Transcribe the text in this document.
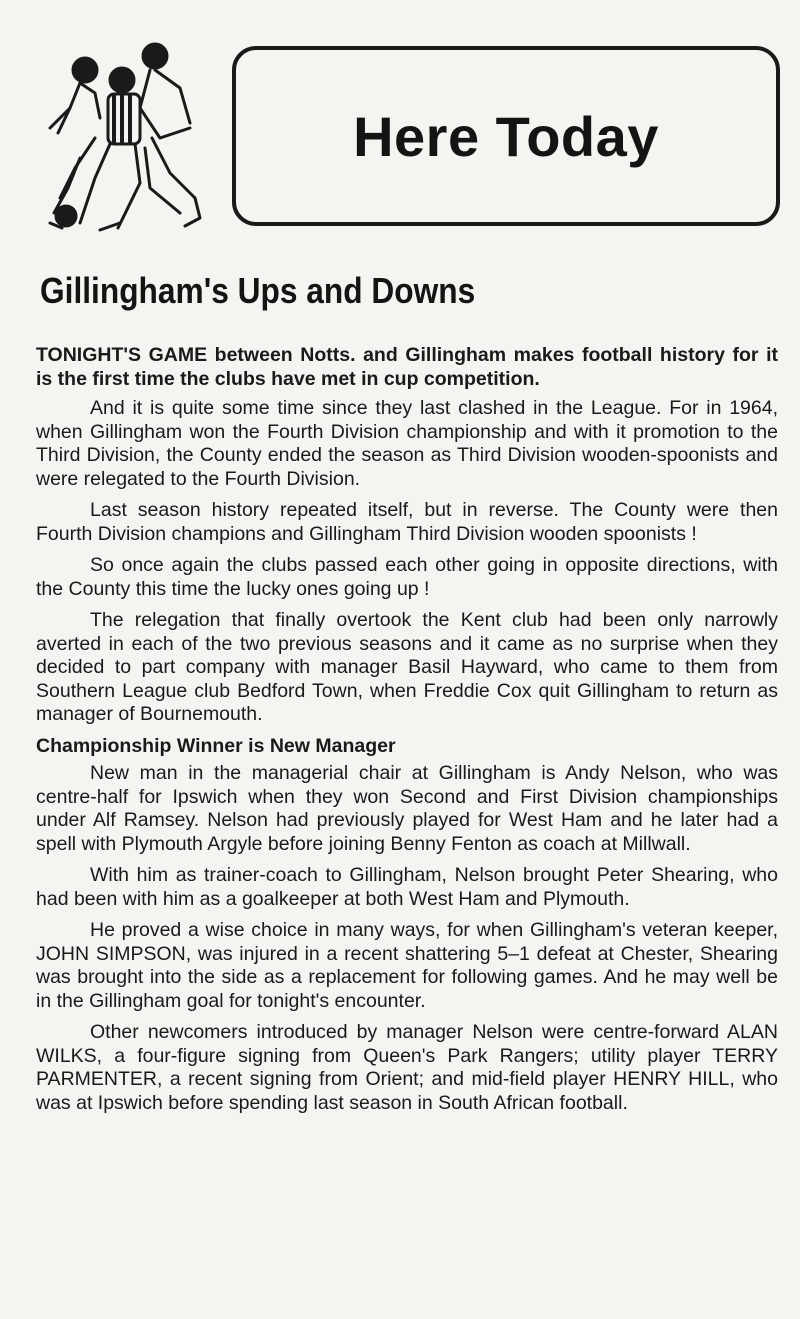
Here Today
Gillingham's Ups and Downs

TONIGHT'S GAME between Notts. and Gillingham makes football history for it is the first time the clubs have met in cup competition.

And it is quite some time since they last clashed in the League. For in 1964, when Gillingham won the Fourth Division championship and with it promotion to the Third Division, the County ended the season as Third Division wooden-spoonists and were relegated to the Fourth Division.

Last season history repeated itself, but in reverse. The County were then Fourth Division champions and Gillingham Third Division wooden spoonists !

So once again the clubs passed each other going in opposite directions, with the County this time the lucky ones going up !

The relegation that finally overtook the Kent club had been only narrowly averted in each of the two previous seasons and it came as no surprise when they decided to part company with manager Basil Hayward, who came to them from Southern League club Bedford Town, when Freddie Cox quit Gillingham to return as manager of Bournemouth.

Championship Winner is New Manager

New man in the managerial chair at Gillingham is Andy Nelson, who was centre-half for Ipswich when they won Second and First Division championships under Alf Ramsey. Nelson had previously played for West Ham and he later had a spell with Plymouth Argyle before joining Benny Fenton as coach at Millwall.

With him as trainer-coach to Gillingham, Nelson brought Peter Shearing, who had been with him as a goalkeeper at both West Ham and Plymouth.

He proved a wise choice in many ways, for when Gillingham's veteran keeper, JOHN SIMPSON, was injured in a recent shattering 5–1 defeat at Chester, Shearing was brought into the side as a replacement for following games. And he may well be in the Gillingham goal for tonight's encounter.

Other newcomers introduced by manager Nelson were centre-forward ALAN WILKS, a four-figure signing from Queen's Park Rangers; utility player TERRY PARMENTER, a recent signing from Orient; and mid-field player HENRY HILL, who was at Ipswich before spending last season in South African football.
